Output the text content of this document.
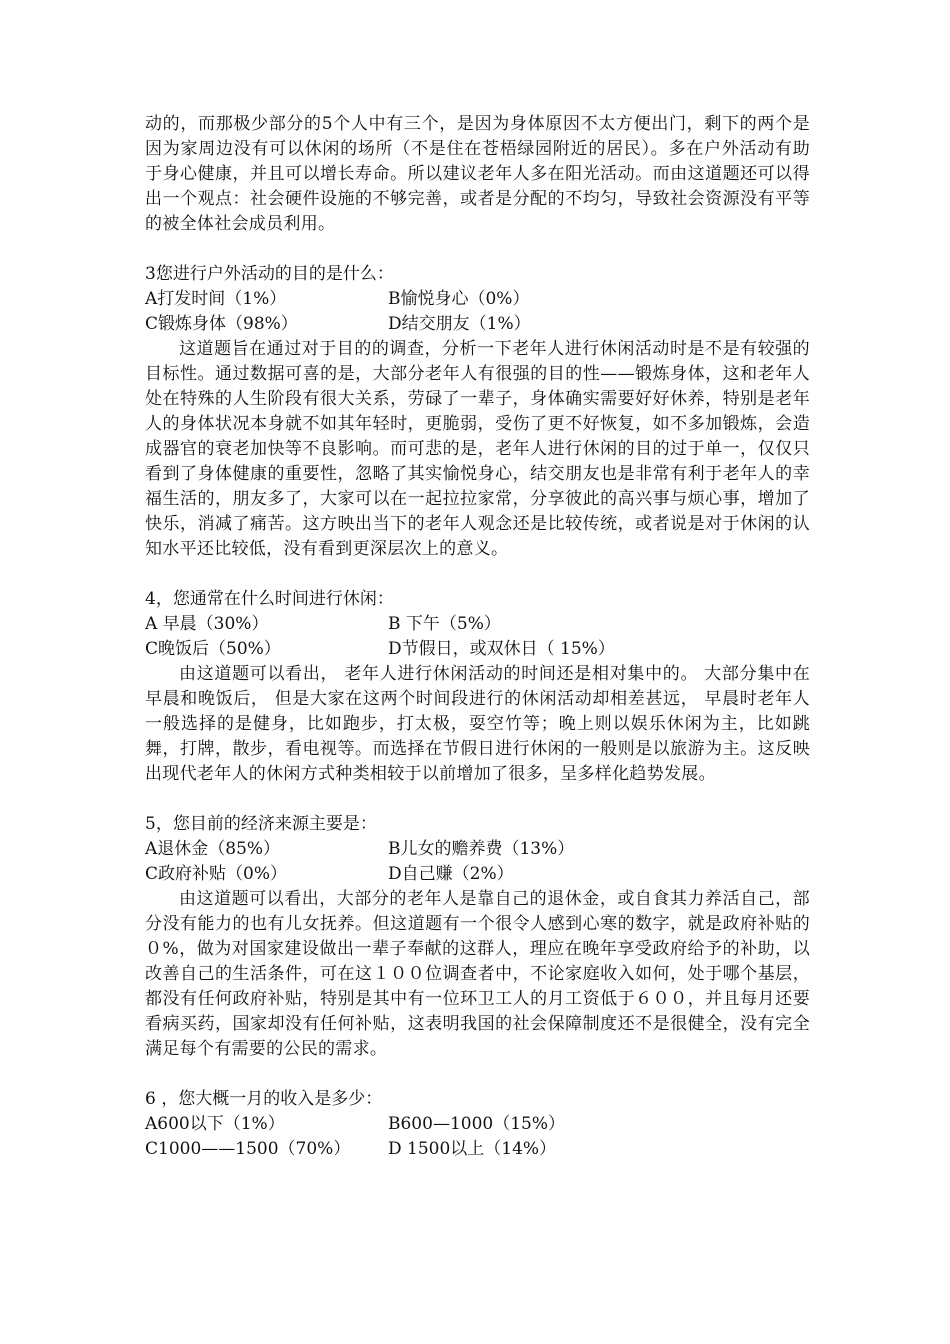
动的，而那极少部分的5个人中有三个，是因为身体原因不太方便出门，剩下的两个是因为家周边没有可以休闲的场所（不是住在苍梧绿园附近的居民）。多在户外活动有助于身心健康，并且可以增长寿命。所以建议老年人多在阳光活动。而由这道题还可以得出一个观点：社会硬件设施的不够完善，或者是分配的不均匀，导致社会资源没有平等的被全体社会成员利用。

3您进行户外活动的目的是什么：

A打发时间（1%）	B愉悦身心（0%）
C锻炼身体（98%）	D结交朋友（1%）

这道题旨在通过对于目的的调查，分析一下老年人进行休闲活动时是不是有较强的目标性。通过数据可喜的是，大部分老年人有很强的目的性——锻炼身体，这和老年人处在特殊的人生阶段有很大关系，劳碌了一辈子，身体确实需要好好休养，特别是老年人的身体状况本身就不如其年轻时，更脆弱，受伤了更不好恢复，如不多加锻炼，会造成器官的衰老加快等不良影响。而可悲的是，老年人进行休闲的目的过于单一，仅仅只看到了身体健康的重要性，忽略了其实愉悦身心，结交朋友也是非常有利于老年人的幸福生活的，朋友多了，大家可以在一起拉拉家常，分享彼此的高兴事与烦心事，增加了快乐，消减了痛苦。这方映出当下的老年人观念还是比较传统，或者说是对于休闲的认知水平还比较低，没有看到更深层次上的意义。

4，您通常在什么时间进行休闲：

A 早晨（30%）	B 下午（5%）
C晚饭后（50%）	D节假日，或双休日（ 15%）

由这道题可以看出， 老年人进行休闲活动的时间还是相对集中的。 大部分集中在早晨和晚饭后， 但是大家在这两个时间段进行的休闲活动却相差甚远， 早晨时老年人一般选择的是健身，比如跑步，打太极，耍空竹等；晚上则以娱乐休闲为主，比如跳舞，打牌，散步，看电视等。而选择在节假日进行休闲的一般则是以旅游为主。这反映出现代老年人的休闲方式种类相较于以前增加了很多，呈多样化趋势发展。

5，您目前的经济来源主要是：

A退休金（85%）	B儿女的赡养费（13%）
C政府补贴（0%）	D自己赚（2%）

由这道题可以看出，大部分的老年人是靠自己的退休金，或自食其力养活自己，部分没有能力的也有儿女抚养。但这道题有一个很令人感到心寒的数字，就是政府补贴的０%，做为对国家建设做出一辈子奉献的这群人，理应在晚年享受政府给予的补助，以改善自己的生活条件，可在这１００位调查者中，不论家庭收入如何，处于哪个基层，都没有任何政府补贴，特别是其中有一位环卫工人的月工资低于６００，并且每月还要看病买药，国家却没有任何补贴，这表明我国的社会保障制度还不是很健全，没有完全满足每个有需要的公民的需求。

6 ，您大概一月的收入是多少：

A600以下（1%）	B600—1000（15%）
C1000——1500（70%）	D 1500以上（14%）
